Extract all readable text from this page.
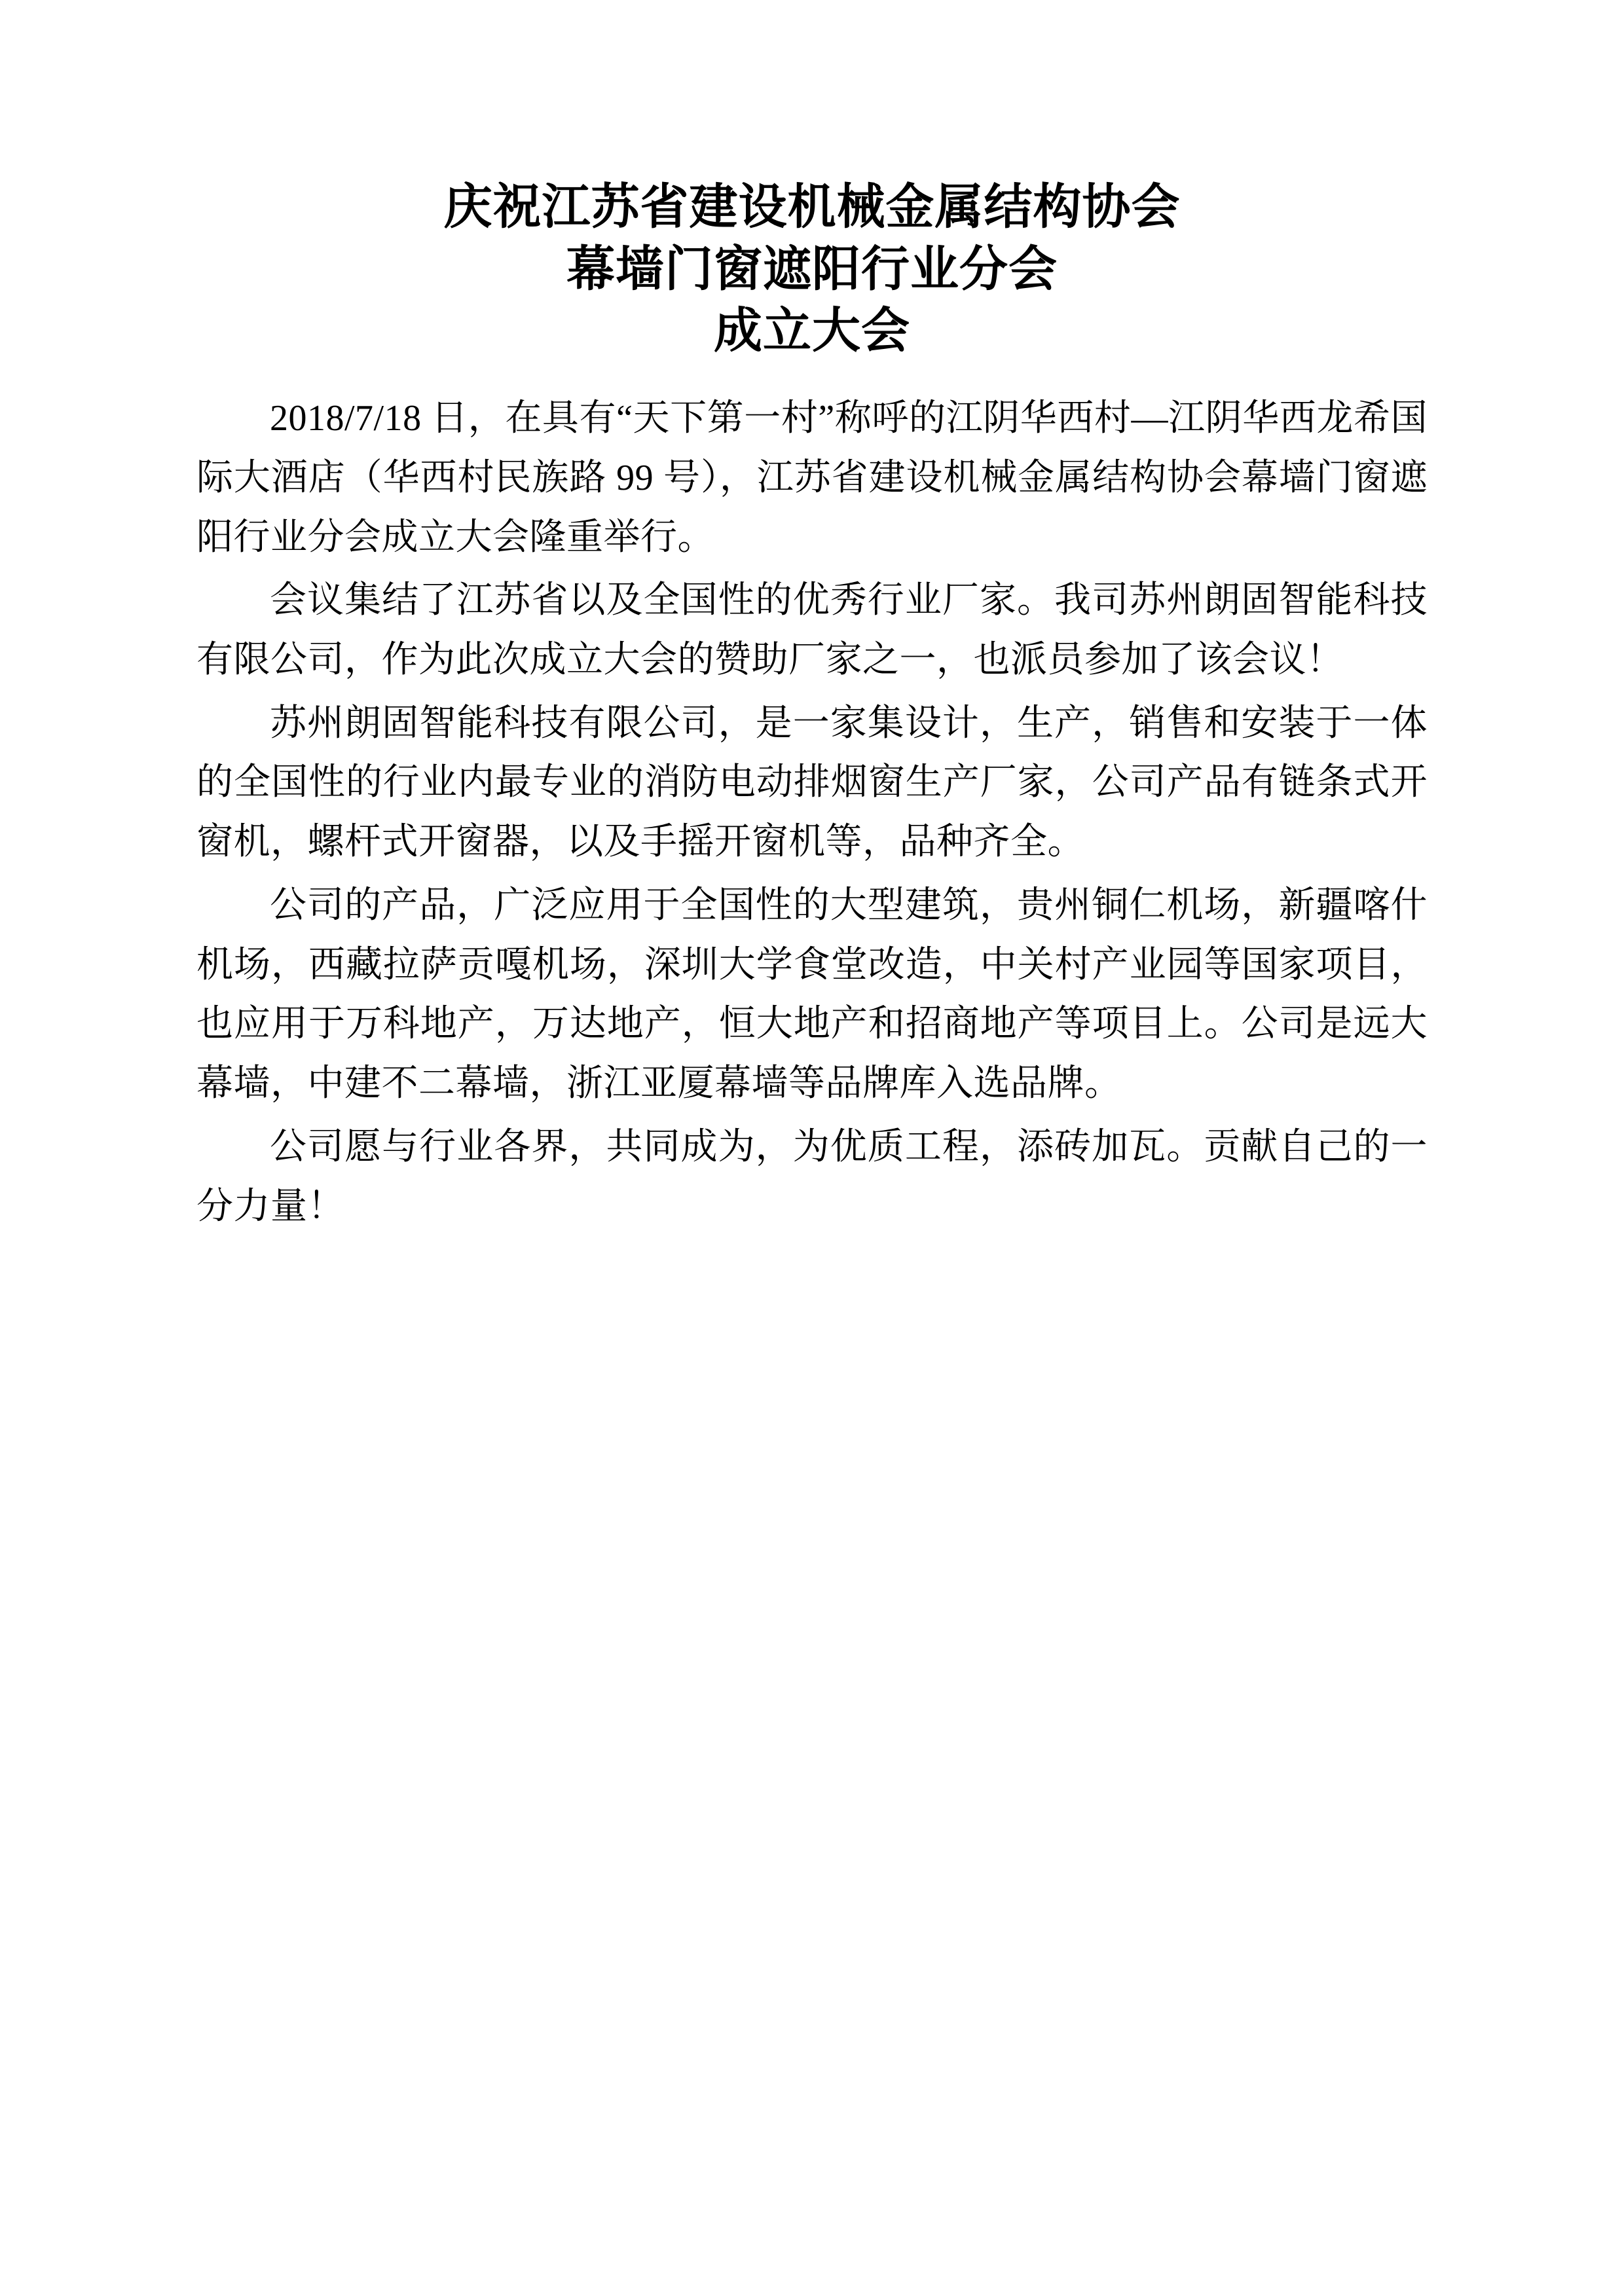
庆祝江苏省建设机械金属结构协会
幕墙门窗遮阳行业分会
成立大会

2018/7/18 日，在具有“天下第一村”称呼的江阴华西村—江阴华西龙希国际大酒店（华西村民族路 99 号），江苏省建设机械金属结构协会幕墙门窗遮阳行业分会成立大会隆重举行。

会议集结了江苏省以及全国性的优秀行业厂家。我司苏州朗固智能科技有限公司，作为此次成立大会的赞助厂家之一，也派员参加了该会议！

苏州朗固智能科技有限公司，是一家集设计，生产，销售和安装于一体的全国性的行业内最专业的消防电动排烟窗生产厂家，公司产品有链条式开窗机，螺杆式开窗器，以及手摇开窗机等，品种齐全。

公司的产品，广泛应用于全国性的大型建筑，贵州铜仁机场，新疆喀什机场，西藏拉萨贡嘎机场，深圳大学食堂改造，中关村产业园等国家项目，也应用于万科地产，万达地产，恒大地产和招商地产等项目上。公司是远大幕墙，中建不二幕墙，浙江亚厦幕墙等品牌库入选品牌。

公司愿与行业各界，共同成为，为优质工程，添砖加瓦。贡献自己的一分力量！
